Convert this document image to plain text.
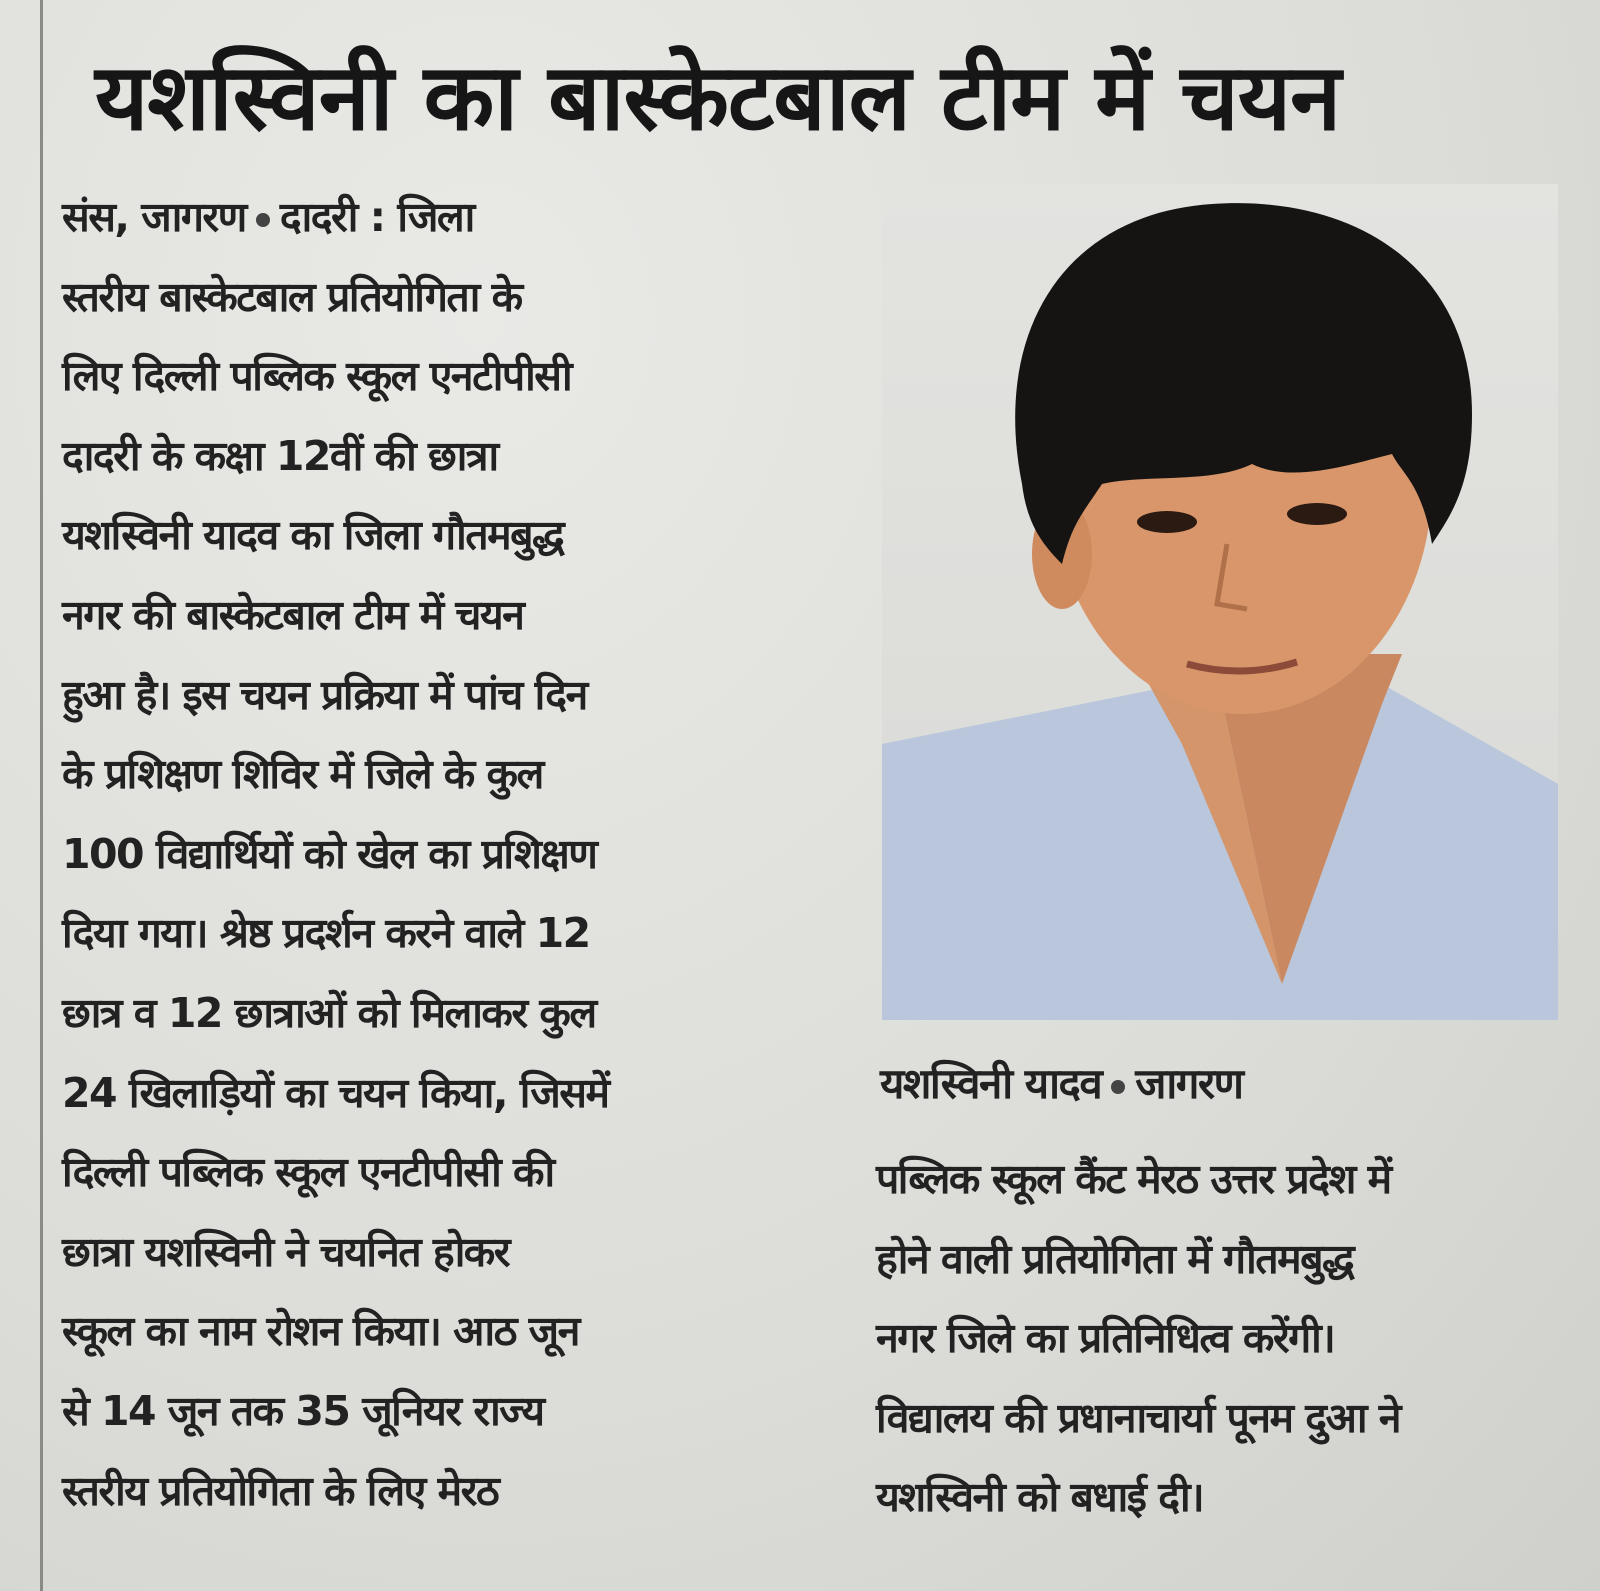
यशस्विनी का बास्केटबाल टीम में चयन
संस, जागरण दादरी : जिला
स्तरीय बास्केटबाल प्रतियोगिता के
लिए दिल्ली पब्लिक स्कूल एनटीपीसी
दादरी के कक्षा 12वीं की छात्रा
यशस्विनी यादव का जिला गौतमबुद्ध
नगर की बास्केटबाल टीम में चयन
हुआ है। इस चयन प्रक्रिया में पांच दिन
के प्रशिक्षण शिविर में जिले के कुल
100 विद्यार्थियों को खेल का प्रशिक्षण
दिया गया। श्रेष्ठ प्रदर्शन करने वाले 12
छात्र व 12 छात्राओं को मिलाकर कुल
24 खिलाड़ियों का चयन किया, जिसमें
दिल्ली पब्लिक स्कूल एनटीपीसी की
छात्रा यशस्विनी ने चयनित होकर
स्कूल का नाम रोशन किया। आठ जून
से 14 जून तक 35 जूनियर राज्य
स्तरीय प्रतियोगिता के लिए मेरठ
यशस्विनी यादव जागरण
पब्लिक स्कूल कैंट मेरठ उत्तर प्रदेश में
होने वाली प्रतियोगिता में गौतमबुद्ध
नगर जिले का प्रतिनिधित्व करेंगी।
विद्यालय की प्रधानाचार्या पूनम दुआ ने
यशस्विनी को बधाई दी।
